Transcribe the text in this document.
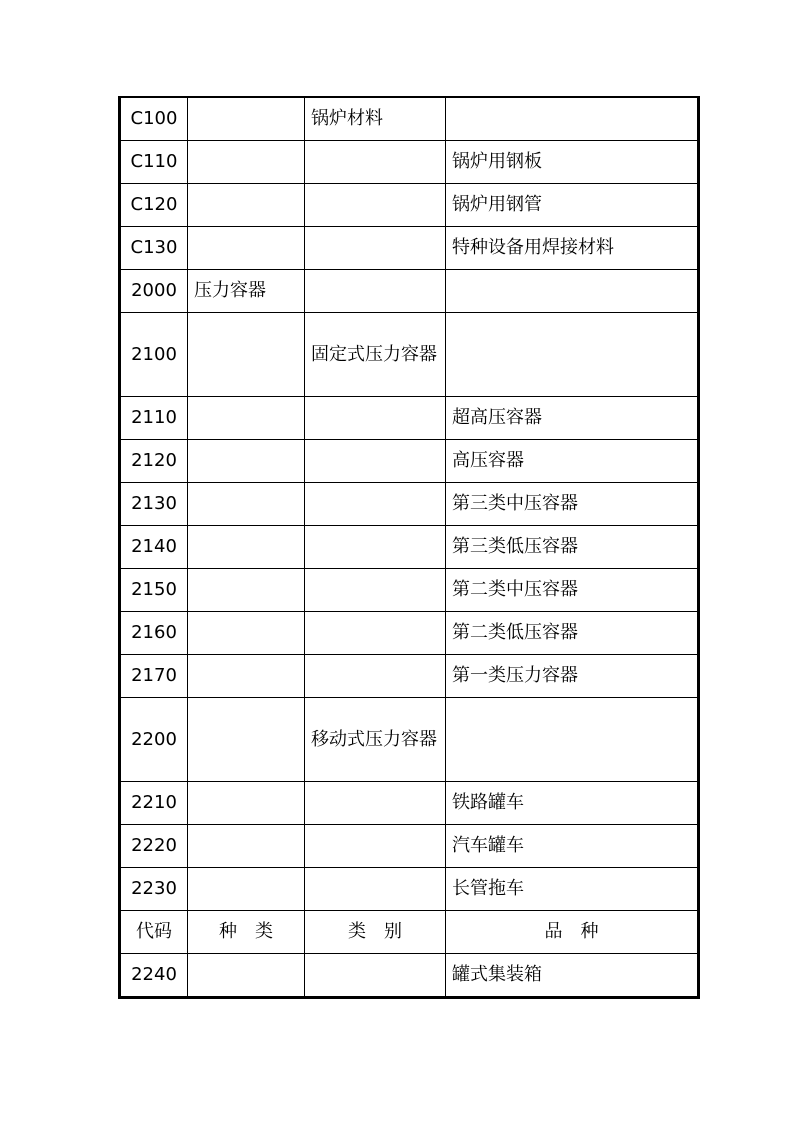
C100		锅炉材料	
C110			锅炉用钢板
C120			锅炉用钢管
C130			特种设备用焊接材料
2000	压力容器		
2100		固定式压力容器	
2110			超高压容器
2120			高压容器
2130			第三类中压容器
2140			第三类低压容器
2150			第二类中压容器
2160			第二类低压容器
2170			第一类压力容器
2200		移动式压力容器	
2210			铁路罐车
2220			汽车罐车
2230			长管拖车
代码	种　类	类　别	品　种
2240			罐式集装箱
